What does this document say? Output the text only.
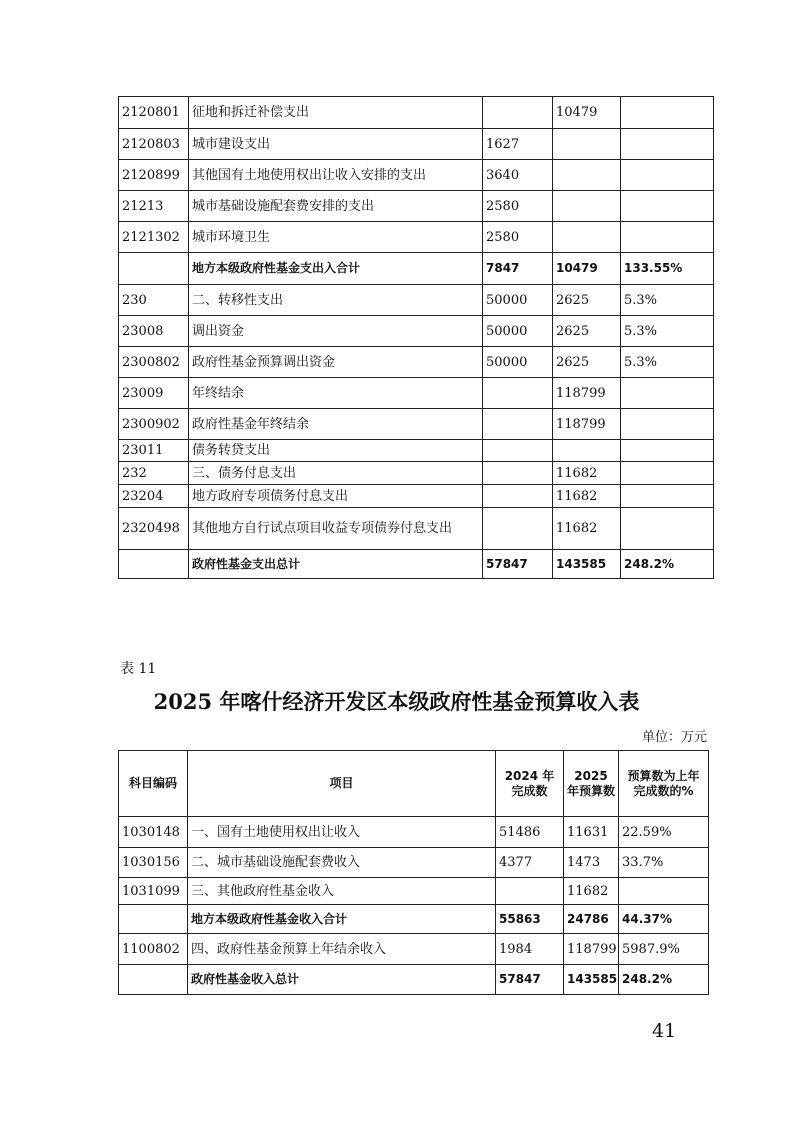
2120801	征地和拆迁补偿支出		10479	
2120803	城市建设支出	1627		
2120899	其他国有土地使用权出让收入安排的支出	3640		
21213	城市基础设施配套费安排的支出	2580		
2121302	城市环境卫生	2580		
	地方本级政府性基金支出入合计	7847	10479	133.55%
230	二、转移性支出	50000	2625	5.3%
23008	调出资金	50000	2625	5.3%
2300802	政府性基金预算调出资金	50000	2625	5.3%
23009	年终结余		118799	
2300902	政府性基金年终结余		118799	
23011	债务转贷支出			
232	三、债务付息支出		11682	
23204	地方政府专项债务付息支出		11682	
2320498	其他地方自行试点项目收益专项债券付息支出		11682	
	政府性基金支出总计	57847	143585	248.2%
表 11
2025 年喀什经济开发区本级政府性基金预算收入表
单位：万元
科目编码	项目	2024 年完成数	2025 年预算数	预算数为上年完成数的%
1030148	一、国有土地使用权出让收入	51486	11631	22.59%
1030156	二、城市基础设施配套费收入	4377	1473	33.7%
1031099	三、其他政府性基金收入		11682	
	地方本级政府性基金收入合计	55863	24786	44.37%
1100802	四、政府性基金预算上年结余收入	1984	118799	5987.9%
	政府性基金收入总计	57847	143585	248.2%
41
